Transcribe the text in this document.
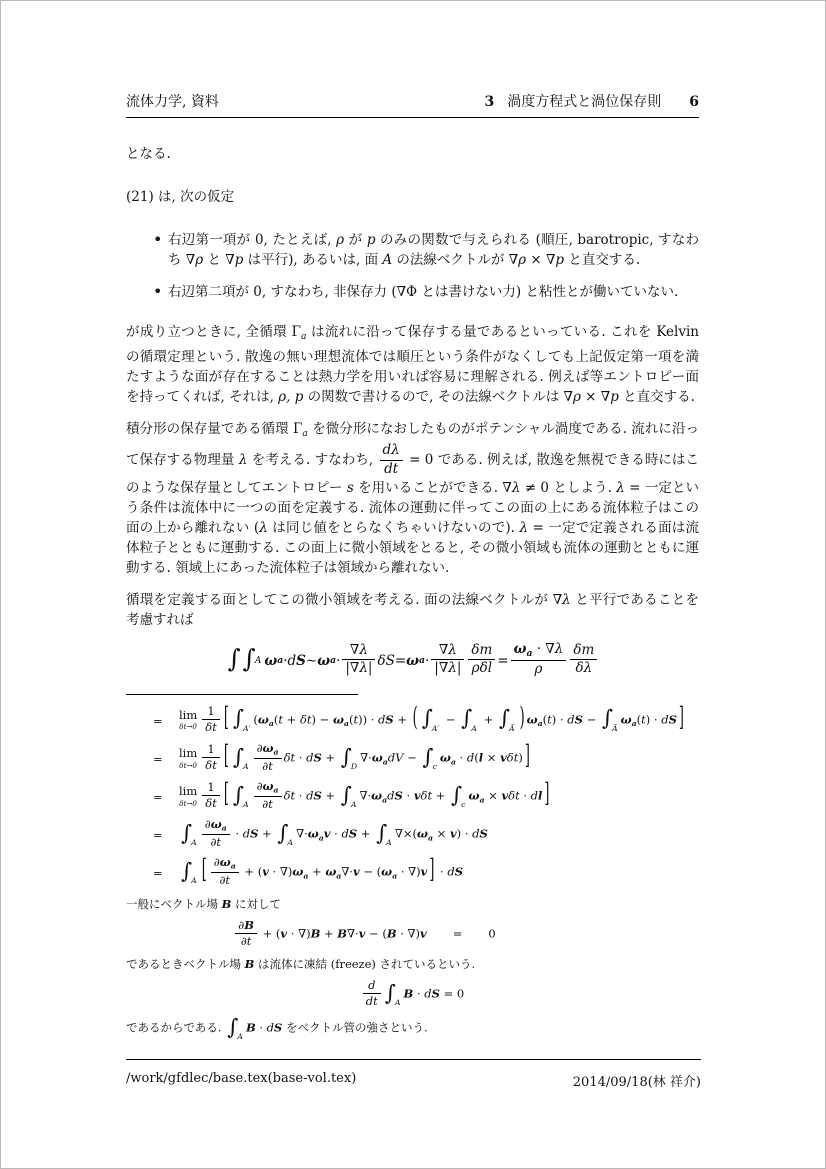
流体力学, 資料	3 渦度方程式と渦位保存則 6

となる.

(21) は, 次の仮定

• 右辺第一項が 0, たとえば, ρ が p のみの関数で与えられる (順圧, barotropic, すなわち ∇ρ と ∇p は平行), あるいは, 面 A の法線ベクトルが ∇ρ × ∇p と直交する.
• 右辺第二項が 0, すなわち, 非保存力 (∇Φ とは書けない力) と粘性とが働いていない.

が成り立つときに, 全循環 $\Gamma_a$ は流れに沿って保存する量であるといっている. これを Kelvin の循環定理という. 散逸の無い理想流体では順圧という条件がなくしても上記仮定第一項を満たすような面が存在することは熱力学を用いれば容易に理解される. 例えば等エントロピー面を持ってくれば, それは, ρ, p の関数で書けるので, その法線ベクトルは ∇ρ × ∇p と直交する.

積分形の保存量である循環 $\Gamma_a$ を微分形になおしたものがポテンシャル渦度である. 流れに沿って保存する物理量 λ を考える. すなわち, $\frac{d\lambda}{dt} = 0$ である. 例えば, 散逸を無視できる時にはこのような保存量としてエントロピー s を用いることができる. ∇λ ≠ 0 としよう. λ = 一定という条件は流体中に一つの面を定義する. 流体の運動に伴ってこの面の上にある流体粒子はこの面の上から離れない (λ は同じ値をとらなくちゃいけないので). λ = 一定で定義される面は流体粒子とともに運動する. この面上に微小領域をとると, その微小領域も流体の運動とともに運動する. 領域上にあった流体粒子は領域から離れない.

循環を定義する面としてこの微小領域を考える. 面の法線ベクトルが ∇λ と平行であることを考慮すれば

∫ ∫ A ω a · d S ∼ ω $a \cdot \frac{\nabla\lambda}{|\nabla\lambda|}$ δS = ω $a \cdot \frac{\nabla\lambda}{|\nabla\lambda|} \frac{\delta m}{\text{ρδl}} = \frac{\omega_a \cdot \nabla\lambda}{\rho} \frac{\delta m}{\delta\lambda}$
=	lim
$\delta t\to 0 \frac{1}{\delta t}$ [ $\int_{A'}(\omega_a(t + \delta t) - \omega_a(t))$ · dS + ( $\int_{A'} - \int_A + \int_Ã$ ) $\omega_a(t)$ · dS − $\int_Ã\omega_a(t)$ · dS ]
=	lim
$\delta t\to 0 \frac{1}{\delta t}$ [ $\int_A \frac{\partial\omega_a}{\partial t}$ δt · dS + $\int_D\nabla\cdot\omega_adV - \int_c\omega_a \cdot d(l \times v\delta t)$ ]
=	lim
$\delta t\to 0 \frac{1}{\delta t}$ [ $\int_A \frac{\partial\omega_a}{\partial t}$ δt · dS + $\int_A\nabla\cdot\omega_adS \cdot v\delta t + \int_c\omega_a \times v\delta t$ · dl ]
= $\int_A \frac{\partial\omega_a}{\partial t}$ · dS + $\int_A\nabla\cdot\omega_av$ · dS + $\int_A\nabla\times(\omega_a \times v)$ · dS
= $\int_A$ [ $\frac{\partial\omega_a}{\partial t} + (v \cdot \nabla)\omega_a + \omega_a\nabla\cdot v - (\omega_a \cdot \nabla)v$ ] · dS

一般にベクトル場 B に対して

$\frac{\partial B}{\partial t} + (v \cdot \nabla)B + B\nabla\cdot v - (B \cdot \nabla)v = 0$

であるときベクトル場 B は流体に凍結 (freeze) されているという.

$\frac{d}{dt} \int_AB$ · dS = 0

であるからである. $\int_AB$ · dS をベクトル管の強さという.

/work/gfdlec/base.tex(base-vol.tex)	2014/09/18(林 祥介)
